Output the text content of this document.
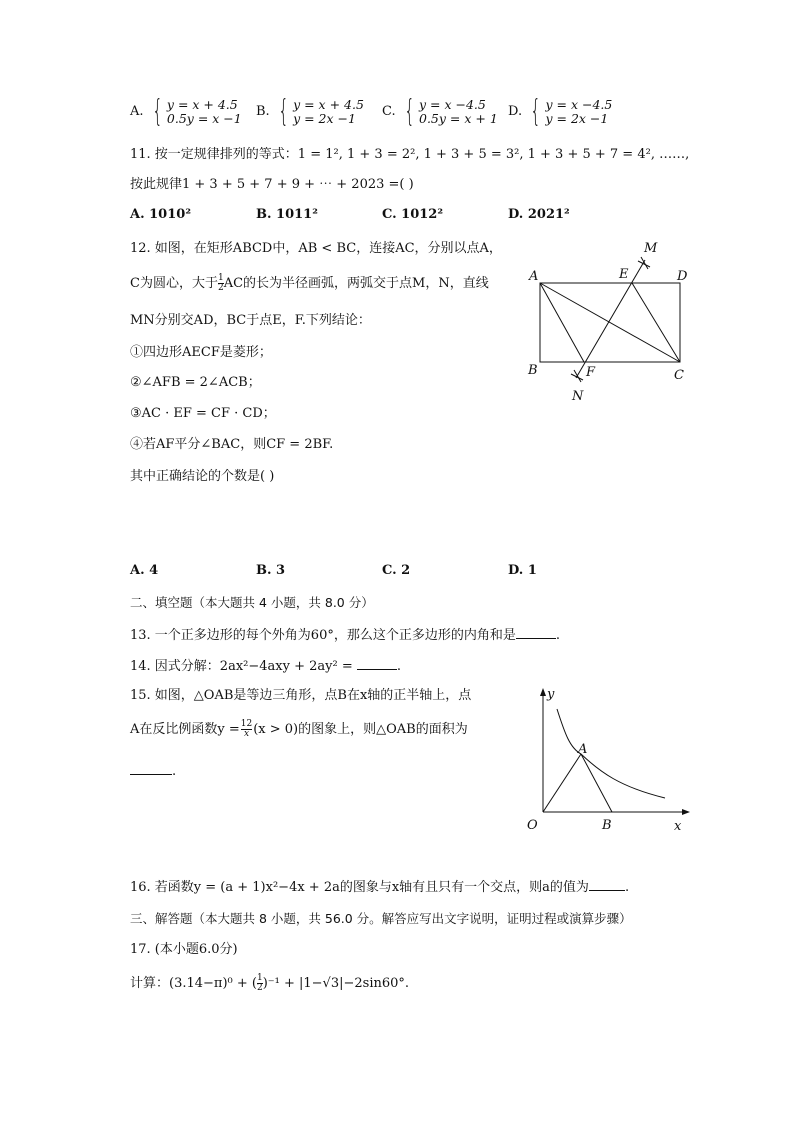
A. { y = x + 4.5
0.5y = x −1 B. { y = x + 4.5
y = 2x −1	C. { y = x −4.5
0.5y = x + 1 D. { y = x −4.5
y = 2x −1
11. 按一定规律排列的等式：1 = 1², 1 + 3 = 2², 1 + 3 + 5 = 3², 1 + 3 + 5 + 7 = 4², ……,
按此规律1 + 3 + 5 + 7 + 9 + ⋯ + 2023 =( )
A. 1010²	B. 1011²	C. 1012²	D. 2021²
12. 如图，在矩形ABCD中，AB < BC，连接AC，分别以点A，
C为圆心，大于 $\frac{1}{2}$ AC的长为半径画弧，两弧交于点M，N，直线
MN分别交AD，BC于点E，F.下列结论：
①四边形AECF是菱形；
②∠AFB = 2∠ACB；
③AC · EF = CF · CD；
④若AF平分∠BAC，则CF = 2BF.
其中正确结论的个数是( )
M
A	E	D
B	F	C
N
A. 4	B. 3	C. 2	D. 1
二、填空题（本大题共 4 小题，共 8.0 分）
13. 一个正多边形的每个外角为60°，那么这个正多边形的内角和是	.
14. 因式分解：2ax²−4axy + 2ay² =	.
15. 如图，△OAB是等边三角形，点B在x轴的正半轴上，点
A在反比例函数$y = \frac{12}{x} (x > 0)$的图象上，则△OAB的面积为
.
y
A
O	B	x
16. 若函数y = (a + 1)x²−4x + 2a的图象与x轴有且只有一个交点，则a的值为	.
三、解答题（本大题共 8 小题，共 56.0 分。解答应写出文字说明，证明过程或演算步骤）
17. (本小题6.0分)
计算：(3.14−π)⁰ + ( $\frac{1}{2} )^{-1} + |1-√3|-2\sin 60^\circ$.
